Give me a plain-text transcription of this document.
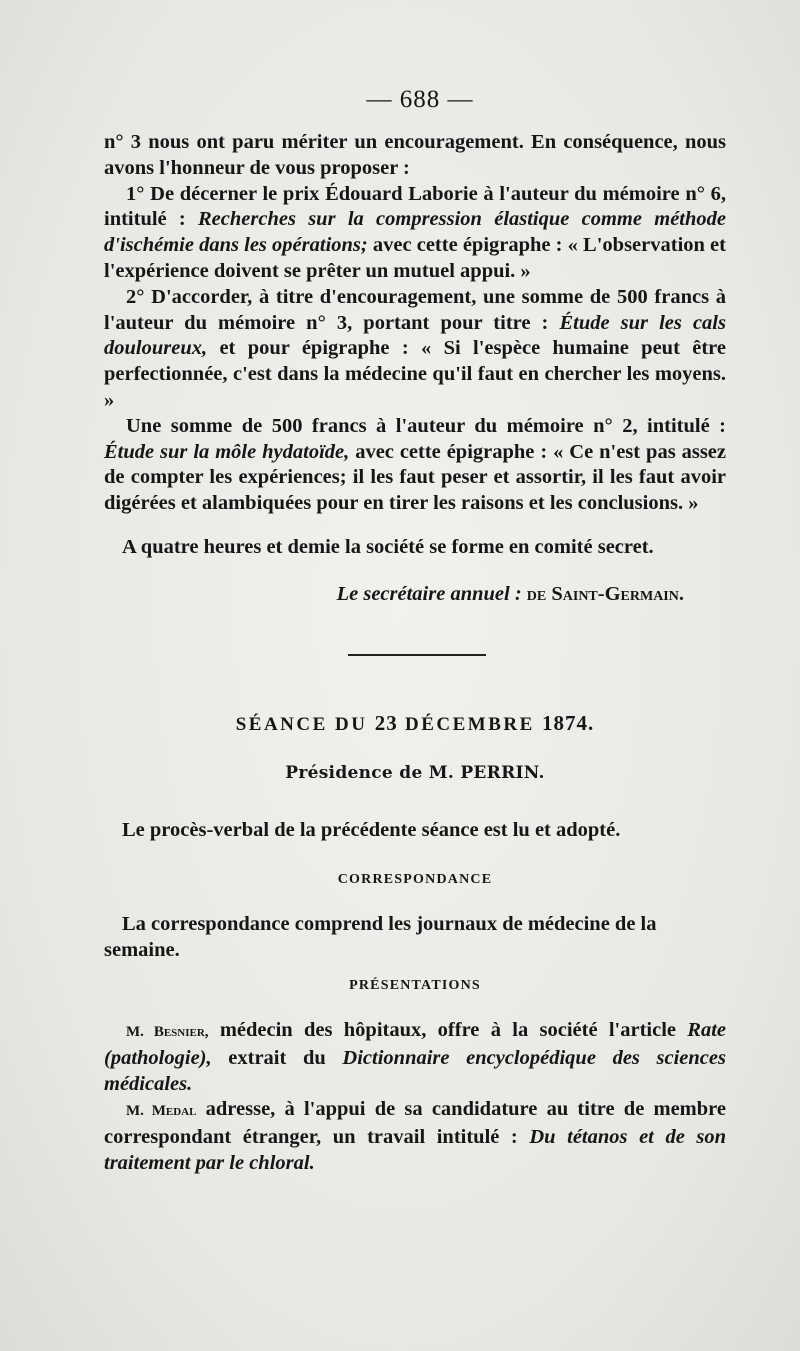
— 688 —

n° 3 nous ont paru mériter un encouragement. En conséquence, nous avons l'honneur de vous proposer :

1° De décerner le prix Édouard Laborie à l'auteur du mémoire n° 6, intitulé : Recherches sur la compression élastique comme méthode d'ischémie dans les opérations; avec cette épigraphe : « L'observation et l'expérience doivent se prêter un mutuel appui. »

2° D'accorder, à titre d'encouragement, une somme de 500 francs à l'auteur du mémoire n° 3, portant pour titre : Étude sur les cals douloureux, et pour épigraphe : « Si l'espèce humaine peut être perfectionnée, c'est dans la médecine qu'il faut en chercher les moyens. »

Une somme de 500 francs à l'auteur du mémoire n° 2, intitulé : Étude sur la môle hydatoïde, avec cette épigraphe : « Ce n'est pas assez de compter les expériences; il les faut peser et assortir, il les faut avoir digérées et alambiquées pour en tirer les raisons et les conclusions. »

A quatre heures et demie la société se forme en comité secret.
Le secrétaire annuel : de Saint-Germain.
SÉANCE DU 23 DÉCEMBRE 1874.
Présidence de M. PERRIN.
Le procès-verbal de la précédente séance est lu et adopté.
CORRESPONDANCE
La correspondance comprend les journaux de médecine de la semaine.
PRÉSENTATIONS

M. Besnier, médecin des hôpitaux, offre à la société l'article Rate (pathologie), extrait du Dictionnaire encyclopédique des sciences médicales.

M. Medal adresse, à l'appui de sa candidature au titre de membre correspondant étranger, un travail intitulé : Du tétanos et de son traitement par le chloral.
